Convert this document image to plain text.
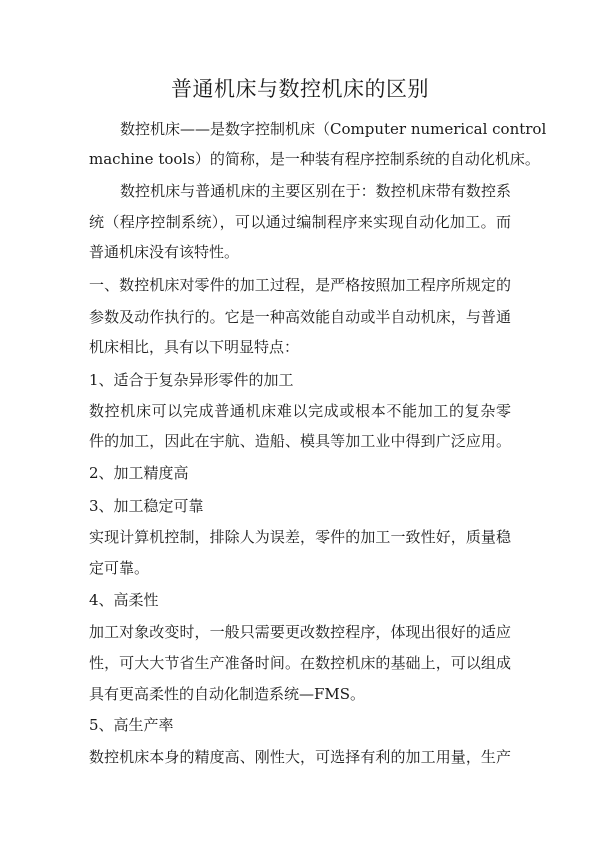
普通机床与数控机床的区别
数控机床——是数字控制机床（Computer numerical control
machine tools）的简称，是一种装有程序控制系统的自动化机床。
数控机床与普通机床的主要区别在于：数控机床带有数控系
统（程序控制系统），可以通过编制程序来实现自动化加工。而
普通机床没有该特性。
一、数控机床对零件的加工过程，是严格按照加工程序所规定的
参数及动作执行的。它是一种高效能自动或半自动机床，与普通
机床相比，具有以下明显特点：
1、适合于复杂异形零件的加工
数控机床可以完成普通机床难以完成或根本不能加工的复杂零
件的加工，因此在宇航、造船、模具等加工业中得到广泛应用。
2、加工精度高
3、加工稳定可靠
实现计算机控制，排除人为误差，零件的加工一致性好，质量稳
定可靠。
4、高柔性
加工对象改变时，一般只需要更改数控程序，体现出很好的适应
性，可大大节省生产准备时间。在数控机床的基础上，可以组成
具有更高柔性的自动化制造系统—FMS。
5、高生产率
数控机床本身的精度高、刚性大，可选择有利的加工用量，生产
